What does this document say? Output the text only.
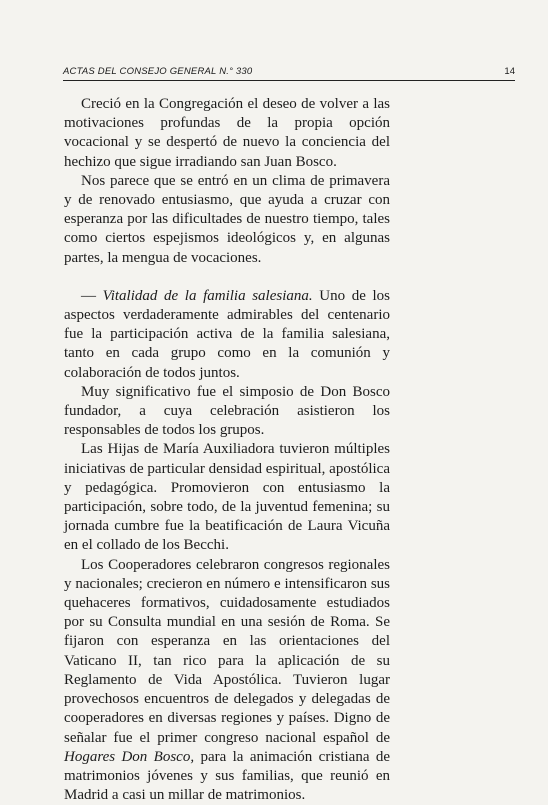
ACTAS DEL CONSEJO GENERAL N.° 330	14

Creció en la Congregación el deseo de volver a las motivaciones profundas de la propia opción vocacional y se despertó de nuevo la conciencia del hechizo que sigue irradiando san Juan Bosco.

Nos parece que se entró en un clima de primavera y de renovado entusiasmo, que ayuda a cruzar con esperanza por las dificultades de nuestro tiempo, tales como ciertos espejismos ideológicos y, en algunas partes, la mengua de vocaciones.

— Vitalidad de la familia salesiana. Uno de los aspectos verdaderamente admirables del centenario fue la participación activa de la familia salesiana, tanto en cada grupo como en la comunión y colaboración de todos juntos.

Muy significativo fue el simposio de Don Bosco fundador, a cuya celebración asistieron los responsables de todos los grupos.

Las Hijas de María Auxiliadora tuvieron múltiples iniciativas de particular densidad espiritual, apostólica y pedagógica. Promovieron con entusiasmo la participación, sobre todo, de la juventud femenina; su jornada cumbre fue la beatificación de Laura Vicuña en el collado de los Becchi.

Los Cooperadores celebraron congresos regionales y nacionales; crecieron en número e intensificaron sus quehaceres formativos, cuidadosamente estudiados por su Consulta mundial en una sesión de Roma. Se fijaron con esperanza en las orientaciones del Vaticano II, tan rico para la aplicación de su Reglamento de Vida Apostólica. Tuvieron lugar provechosos encuentros de delegados y delegadas de cooperadores en diversas regiones y países. Digno de señalar fue el primer congreso nacional español de Hogares Don Bosco, para la animación cristiana de matrimonios jóvenes y sus familias, que reunió en Madrid a casi un millar de matrimonios.
